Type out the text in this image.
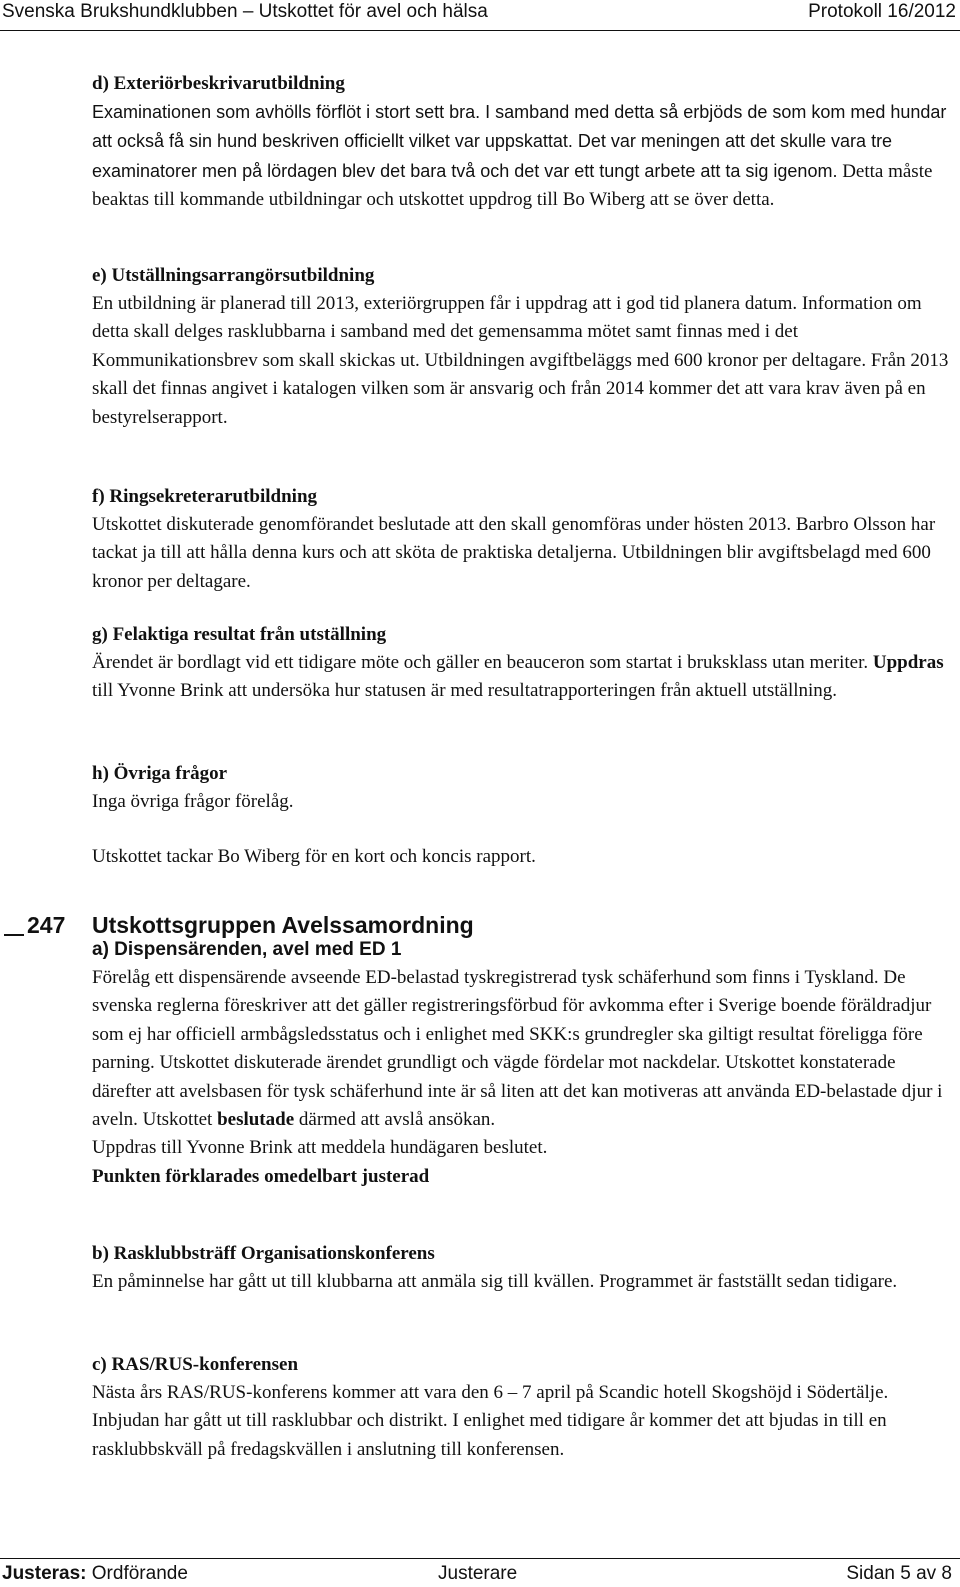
Svenska Brukshundklubben – Utskottet för avel och hälsa	Protokoll 16/2012
d) Exteriörbeskrivarutbildning

Examinationen som avhölls förflöt i stort sett bra. I samband med detta så erbjöds de som kom med hundar att också få sin hund beskriven officiellt vilket var uppskattat. Det var meningen att det skulle vara tre examinatorer men på lördagen blev det bara två och det var ett tungt arbete att ta sig igenom. Detta måste beaktas till kommande utbildningar och utskottet uppdrog till Bo Wiberg att se över detta.

e) Utställningsarrangörsutbildning

En utbildning är planerad till 2013, exteriörgruppen får i uppdrag att i god tid planera datum. Information om detta skall delges rasklubbarna i samband med det gemensamma mötet samt finnas med i det Kommunikationsbrev som skall skickas ut. Utbildningen avgiftbeläggs med 600 kronor per deltagare. Från 2013 skall det finnas angivet i katalogen vilken som är ansvarig och från 2014 kommer det att vara krav även på en bestyrelserapport.

f) Ringsekreterarutbildning

Utskottet diskuterade genomförandet beslutade att den skall genomföras under hösten 2013. Barbro Olsson har tackat ja till att hålla denna kurs och att sköta de praktiska detaljerna. Utbildningen blir avgiftsbelagd med 600 kronor per deltagare.

g) Felaktiga resultat från utställning

Ärendet är bordlagt vid ett tidigare möte och gäller en beauceron som startat i bruksklass utan meriter. Uppdras till Yvonne Brink att undersöka hur statusen är med resultatrapporteringen från aktuell utställning.

h) Övriga frågor

Inga övriga frågor förelåg.

Utskottet tackar Bo Wiberg för en kort och koncis rapport.

247 Utskottsgruppen Avelssamordning
a) Dispensärenden, avel med ED 1

Förelåg ett dispensärende avseende ED-belastad tyskregistrerad tysk schäferhund som finns i Tyskland. De svenska reglerna föreskriver att det gäller registreringsförbud för avkomma efter i Sverige boende föräldradjur som ej har officiell armbågsledsstatus och i enlighet med SKK:s grundregler ska giltigt resultat föreligga före parning. Utskottet diskuterade ärendet grundligt och vägde fördelar mot nackdelar. Utskottet konstaterade därefter att avelsbasen för tysk schäferhund inte är så liten att det kan motiveras att använda ED-belastade djur i aveln. Utskottet beslutade därmed att avslå ansökan.

Uppdras till Yvonne Brink att meddela hundägaren beslutet.

Punkten förklarades omedelbart justerad

b) Rasklubbsträff Organisationskonferens

En påminnelse har gått ut till klubbarna att anmäla sig till kvällen. Programmet är fastställt sedan tidigare.

c) RAS/RUS-konferensen

Nästa års RAS/RUS-konferens kommer att vara den 6 – 7 april på Scandic hotell Skogshöjd i Södertälje. Inbjudan har gått ut till rasklubbar och distrikt. I enlighet med tidigare år kommer det att bjudas in till en rasklubbskväll på fredagskvällen i anslutning till konferensen.

Justeras: Ordförande	Justerare	Sidan 5 av 8
